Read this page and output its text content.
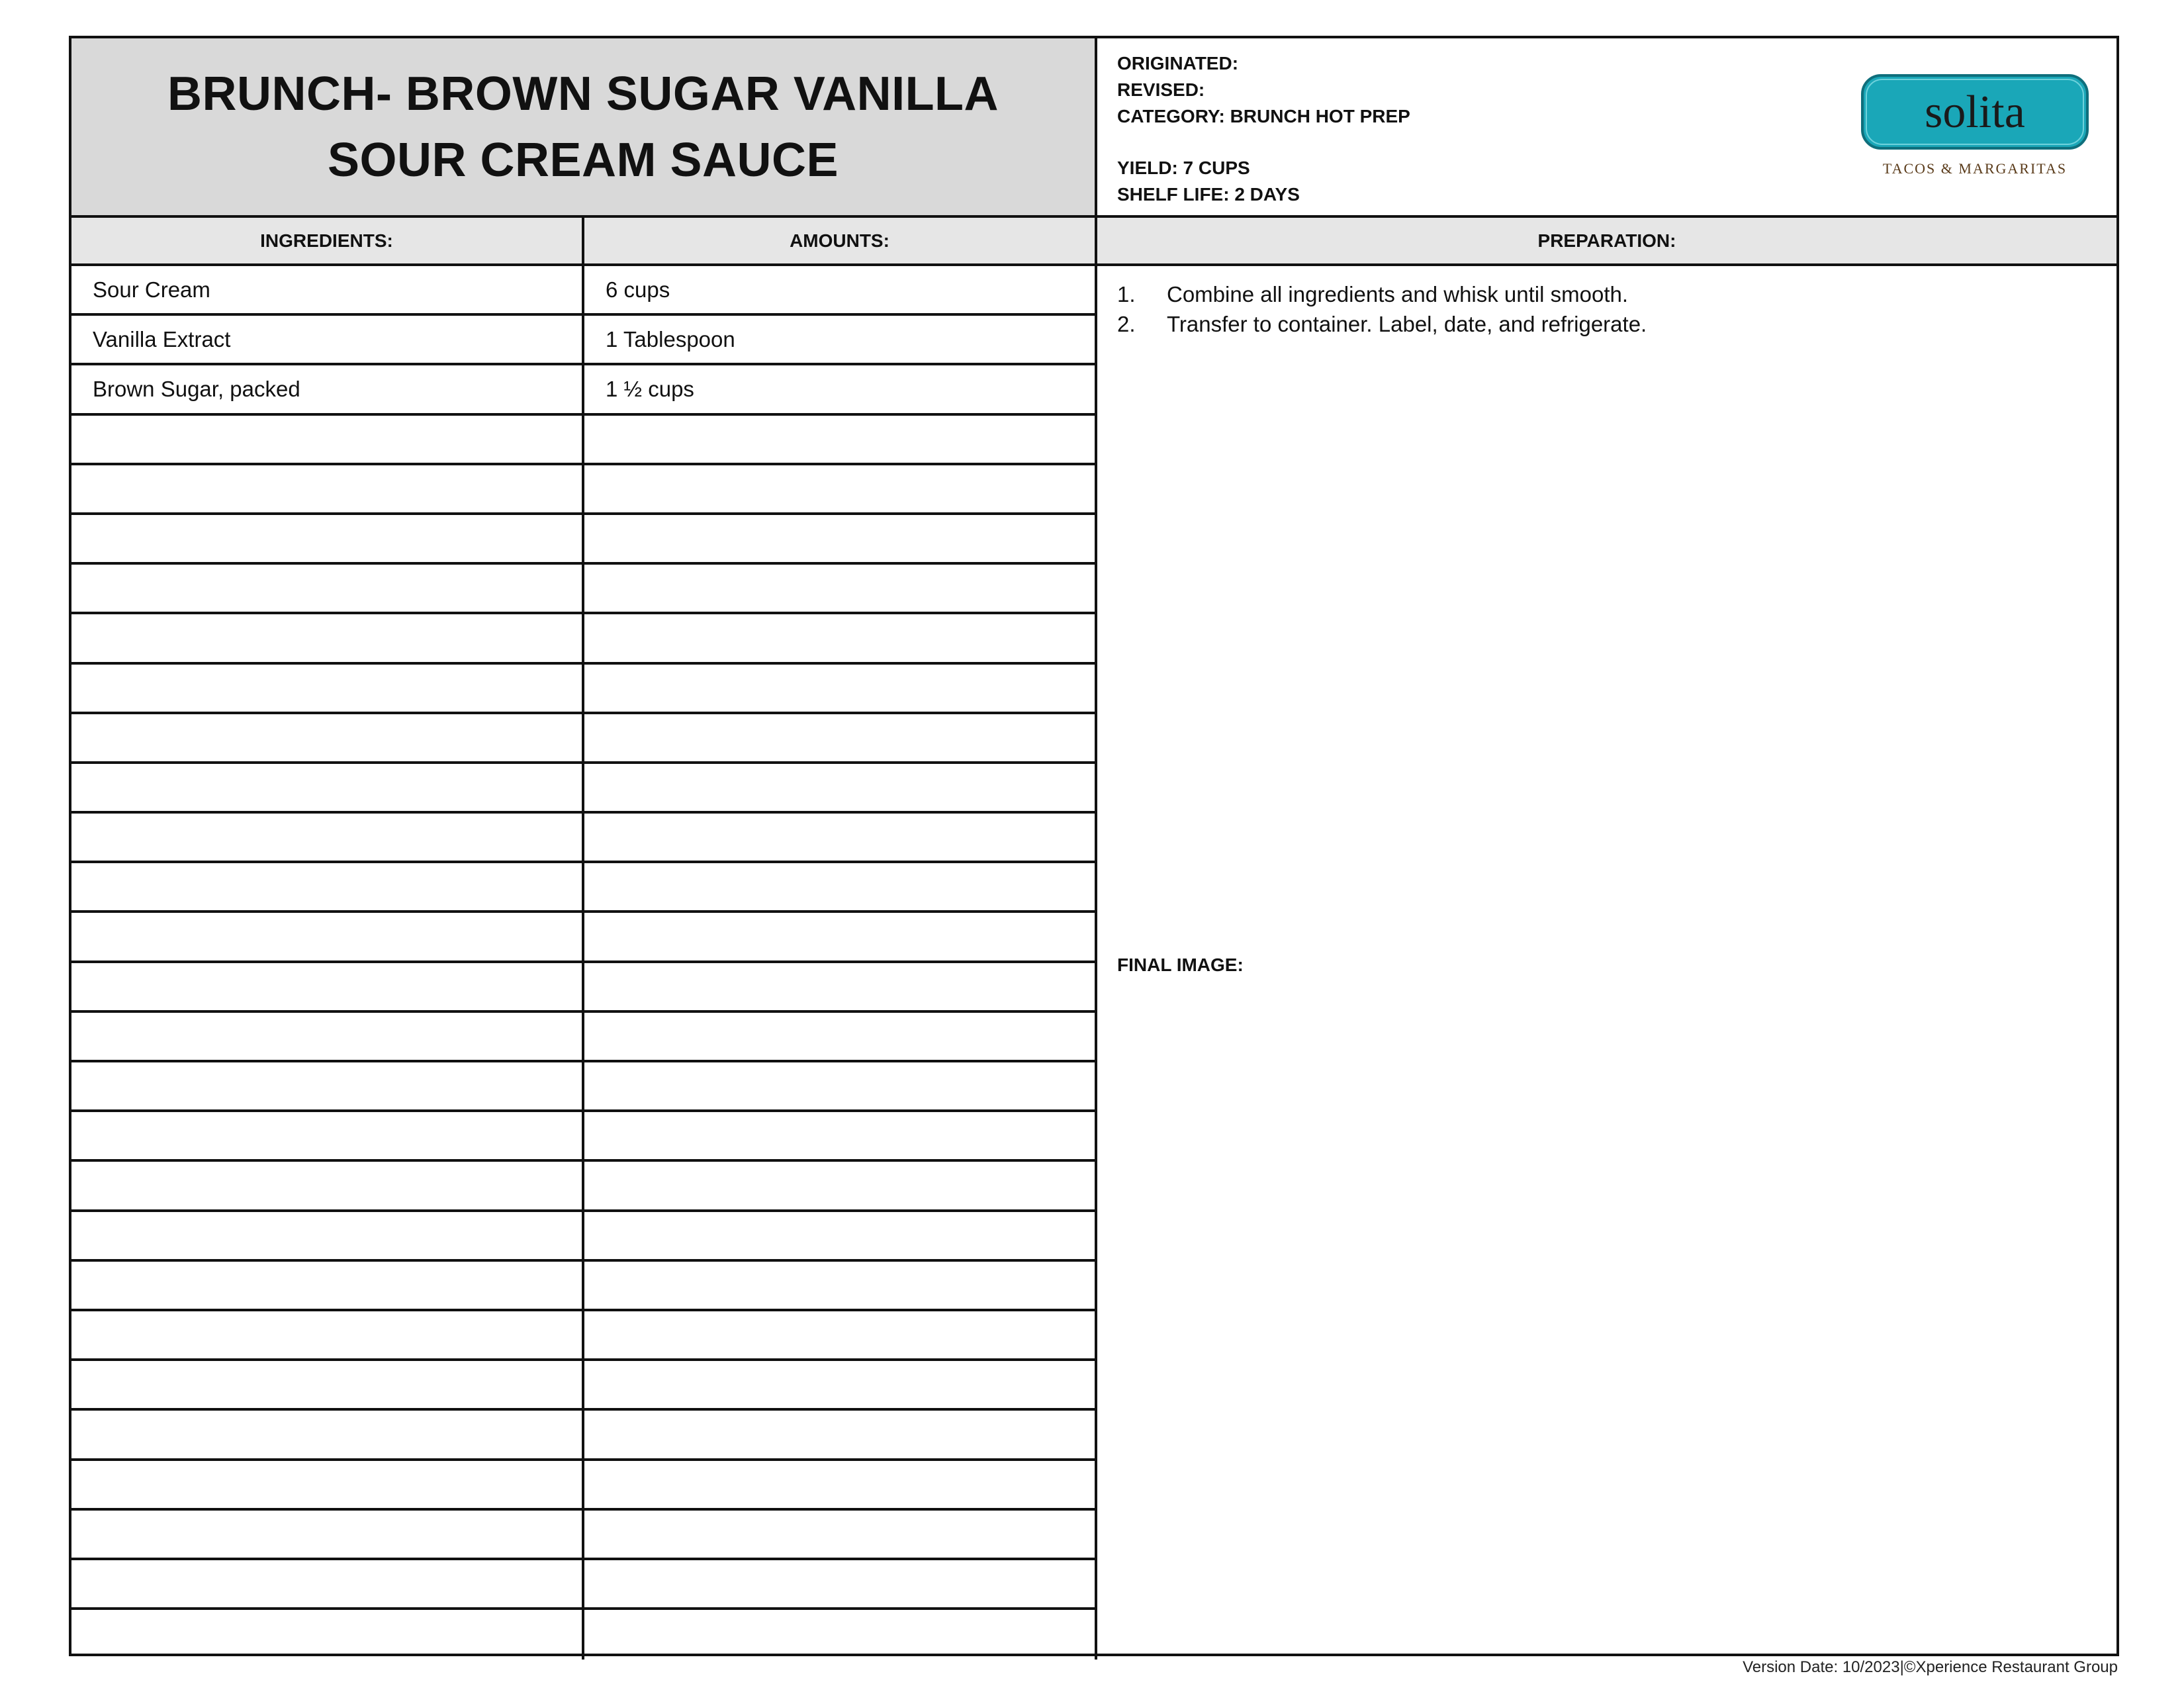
BRUNCH- BROWN SUGAR VANILLA SOUR CREAM SAUCE
ORIGINATED:
REVISED:
CATEGORY: BRUNCH HOT PREP
YIELD: 7 CUPS
SHELF LIFE: 2 DAYS
solita
TACOS & MARGARITAS
INGREDIENTS:	AMOUNTS:	PREPARATION:
Sour Cream	6 cups
Vanilla Extract	1 Tablespoon
Brown Sugar, packed	1 ½ cups
1.	Combine all ingredients and whisk until smooth.
2.	Transfer to container. Label, date, and refrigerate.
FINAL IMAGE:
Version Date: 10/2023|©Xperience Restaurant Group
